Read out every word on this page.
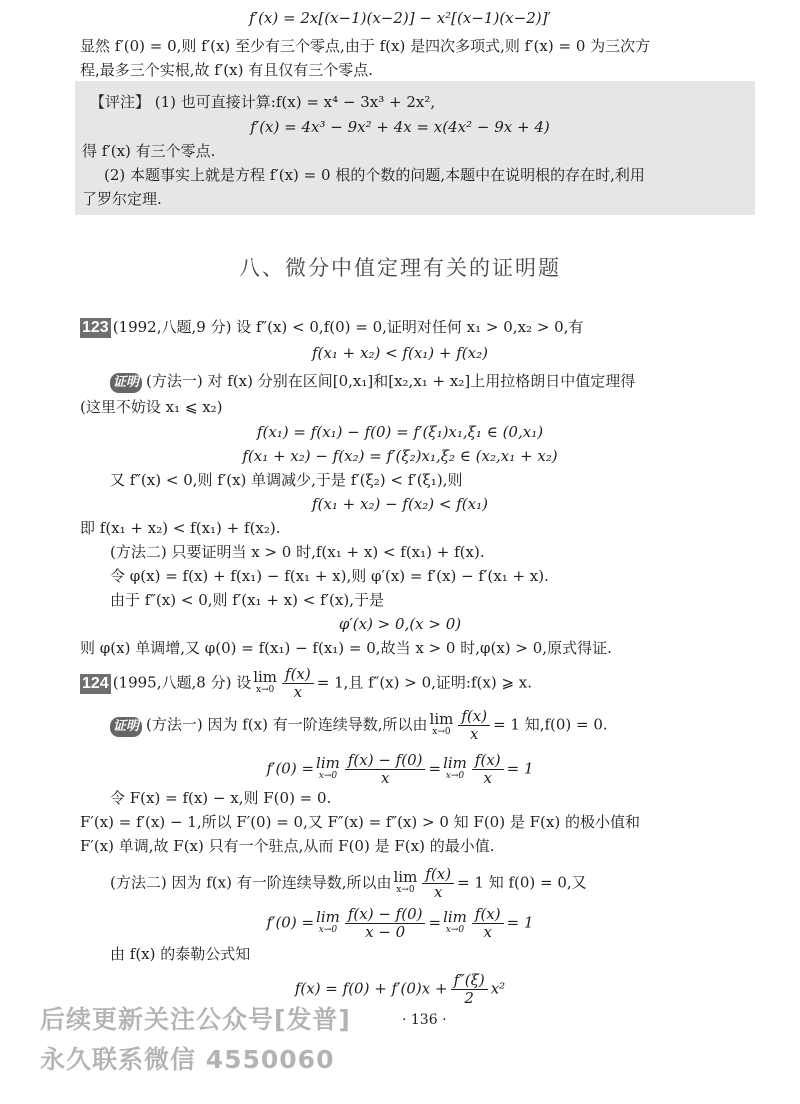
f′(x) = 2x[(x−1)(x−2)] − x²[(x−1)(x−2)]′
显然 f′(0) = 0,则 f′(x) 至少有三个零点,由于 f(x) 是四次多项式,则 f′(x) = 0 为三次方
程,最多三个实根,故 f′(x) 有且仅有三个零点.
【评注】 (1) 也可直接计算:f(x) = x⁴ − 3x³ + 2x²,
f′(x) = 4x³ − 9x² + 4x = x(4x² − 9x + 4)
得 f′(x) 有三个零点.
(2) 本题事实上就是方程 f′(x) = 0 根的个数的问题,本题中在说明根的存在时,利用
了罗尔定理.
八、微分中值定理有关的证明题
123 (1992,八题,9 分) 设 f″(x) < 0,f(0) = 0,证明对任何 x₁ > 0,x₂ > 0,有
f(x₁ + x₂) < f(x₁) + f(x₂)
证明 (方法一) 对 f(x) 分别在区间[0,x₁]和[x₂,x₁ + x₂]上用拉格朗日中值定理得
(这里不妨设 x₁ ⩽ x₂)
f(x₁) = f(x₁) − f(0) = f′(ξ₁)x₁,ξ₁ ∈ (0,x₁)
f(x₁ + x₂) − f(x₂) = f′(ξ₂)x₁,ξ₂ ∈ (x₂,x₁ + x₂)
又 f″(x) < 0,则 f′(x) 单调减少,于是 f′(ξ₂) < f′(ξ₁),则
f(x₁ + x₂) − f(x₂) < f(x₁)
即 f(x₁ + x₂) < f(x₁) + f(x₂).
(方法二) 只要证明当 x > 0 时,f(x₁ + x) < f(x₁) + f(x).
令 φ(x) = f(x) + f(x₁) − f(x₁ + x),则 φ′(x) = f′(x) − f′(x₁ + x).
由于 f″(x) < 0,则 f′(x₁ + x) < f′(x),于是
φ′(x) > 0,(x > 0)
则 φ(x) 单调增,又 φ(0) = f(x₁) − f(x₁) = 0,故当 x > 0 时,φ(x) > 0,原式得证.
124 (1995,八题,8 分) 设 lim
$x\to 0 \frac{f(x)}{x} = 1$,且 f″(x) > 0,证明:f(x) ⩾ x.
证明 (方法一) 因为 f(x) 有一阶连续导数,所以由 lim
$x\to 0 \frac{f(x)}{x} = 1$ 知,f(0) = 0.
f′(0) = lim
$x\to 0 \frac{f(x) - f(0)}{x} = \lim$
$x\to 0 \frac{f(x)}{x} = 1$
令 F(x) = f(x) − x,则 F(0) = 0.
F′(x) = f′(x) − 1,所以 F′(0) = 0,又 F″(x) = f″(x) > 0 知 F(0) 是 F(x) 的极小值和
F′(x) 单调,故 F(x) 只有一个驻点,从而 F(0) 是 F(x) 的最小值.
(方法二) 因为 f(x) 有一阶连续导数,所以由 lim
$x\to 0 \frac{f(x)}{x} = 1$ 知 f(0) = 0,又
f′(0) = lim
$x\to 0 \frac{f(x) - f(0)}{x - 0} = \lim$
$x\to 0 \frac{f(x)}{x} = 1$
由 f(x) 的泰勒公式知
$f(x) = f(0) + f'(0)x + \frac{f''(\xi)}{2} x^2$
· 136 ·
后续更新关注公众号[发普]
永久联系微信 4550060
